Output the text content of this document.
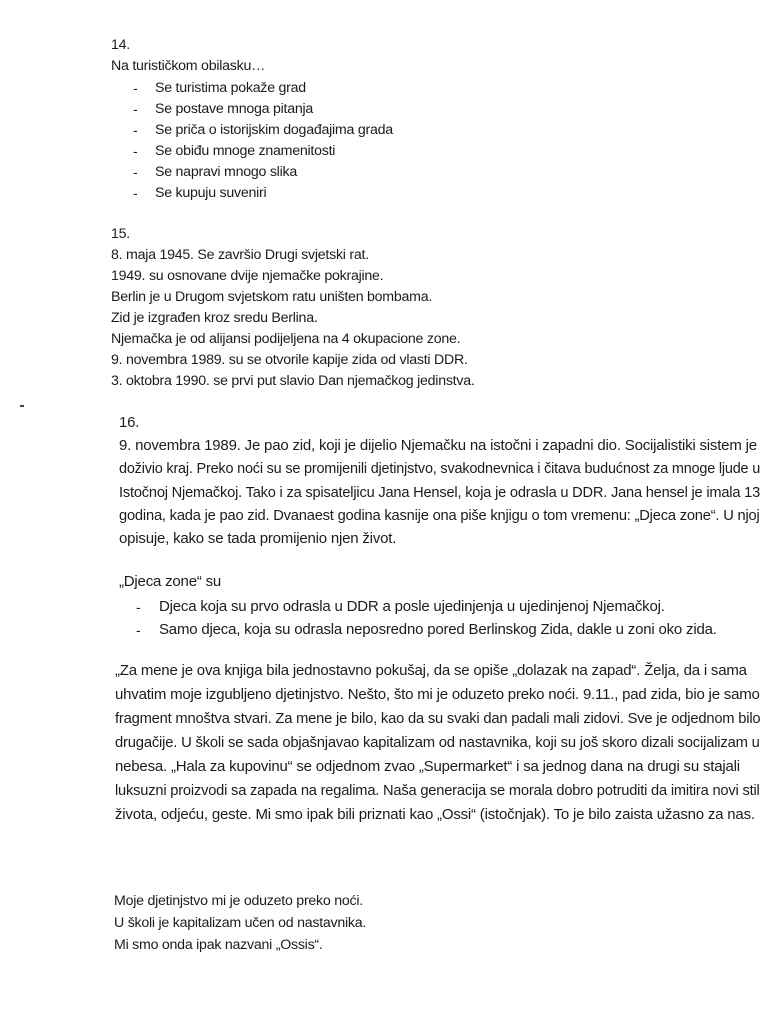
14.
Na turističkom obilasku…
- Se turistima pokaže grad
- Se postave mnoga pitanja
- Se priča o istorijskim događajima grada
- Se obiđu mnoge znamenitosti
- Se napravi mnogo slika
- Se kupuju suveniri
15.
8. maja 1945. Se završio Drugi svjetski rat.
1949. su osnovane dvije njemačke pokrajine.
Berlin je u Drugom svjetskom ratu uništen bombama.
Zid je izgrađen kroz sredu Berlina.
Njemačka je od alijansi podijeljena na 4 okupacione zone.
9. novembra 1989. su se otvorile kapije zida od vlasti DDR.
3. oktobra 1990. se prvi put slavio Dan njemačkog jedinstva.
16.
9. novembra 1989. Je pao zid, koji je dijelio Njemačku na istočni i zapadni dio. Socijalistiki sistem je
doživio kraj. Preko noći su se promijenili djetinjstvo, svakodnevnica i čitava budućnost za mnoge ljude u
Istočnoj Njemačkoj. Tako i za spisateljicu Jana Hensel, koja je odrasla u DDR. Jana hensel je imala 13
godina, kada je pao zid. Dvanaest godina kasnije ona piše knjigu o tom vremenu: „Djeca zone“. U njoj
opisuje, kako se tada promijenio njen život.
„Djeca zone“ su
- Djeca koja su prvo odrasla u DDR a posle ujedinjenja u ujedinjenoj Njemačkoj.
- Samo djeca, koja su odrasla neposredno pored Berlinskog Zida, dakle u zoni oko zida.
„Za mene je ova knjiga bila jednostavno pokušaj, da se opiše „dolazak na zapad“. Želja, da i sama
uhvatim moje izgubljeno djetinjstvo. Nešto, što mi je oduzeto preko noći. 9.11., pad zida, bio je samo
fragment mnoštva stvari. Za mene je bilo, kao da su svaki dan padali mali zidovi. Sve je odjednom bilo
drugačije. U školi se sada objašnjavao kapitalizam od nastavnika, koji su još skoro dizali socijalizam u
nebesa. „Hala za kupovinu“ se odjednom zvao „Supermarket“ i sa jednog dana na drugi su stajali
luksuzni proizvodi sa zapada na regalima. Naša generacija se morala dobro potruditi da imitira novi stil
života, odjeću, geste. Mi smo ipak bili priznati kao „Ossi“ (istočnjak). To je bilo zaista užasno za nas.
Moje djetinjstvo mi je oduzeto preko noći.
U školi je kapitalizam učen od nastavnika.
Mi smo onda ipak nazvani „Ossis“.
